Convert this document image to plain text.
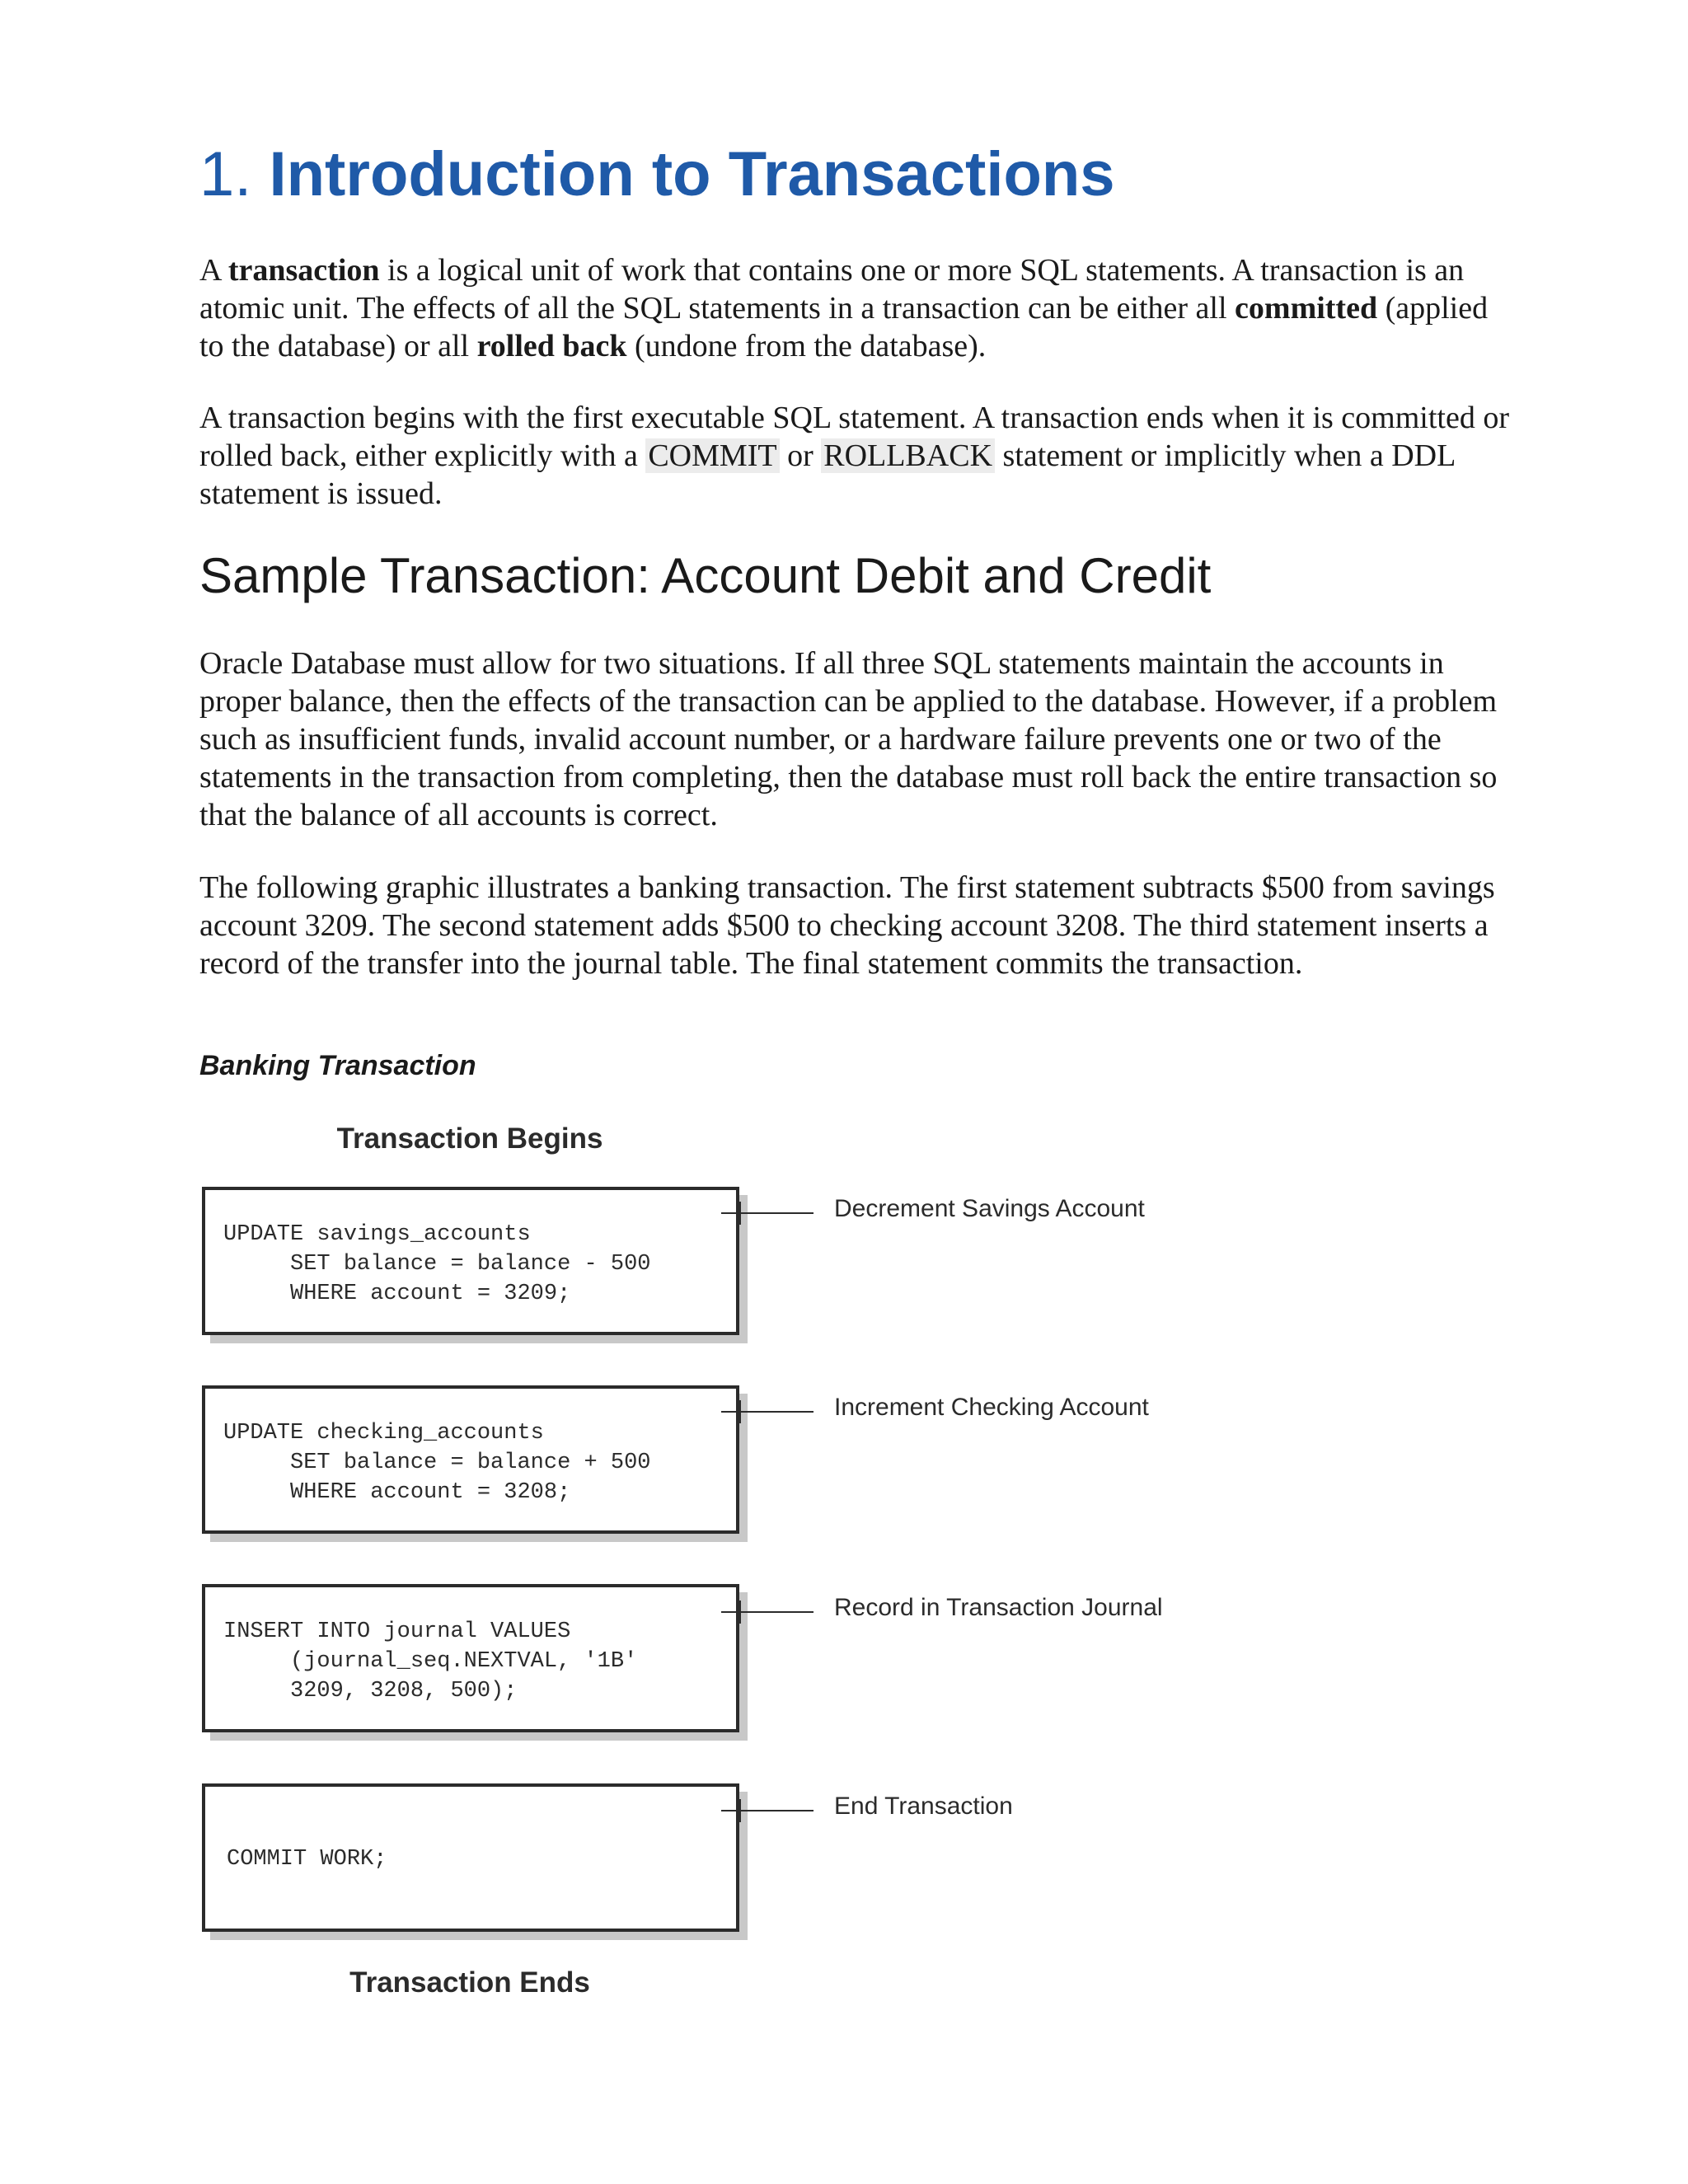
1. Introduction to Transactions

A transaction is a logical unit of work that contains one or more SQL statements. A transaction is an atomic unit. The effects of all the SQL statements in a transaction can be either all committed (applied to the database) or all rolled back (undone from the database).

A transaction begins with the first executable SQL statement. A transaction ends when it is committed or rolled back, either explicitly with a COMMIT or ROLLBACK statement or implicitly when a DDL statement is issued.

Sample Transaction: Account Debit and Credit

Oracle Database must allow for two situations. If all three SQL statements maintain the accounts in proper balance, then the effects of the transaction can be applied to the database. However, if a problem such as insufficient funds, invalid account number, or a hardware failure prevents one or two of the statements in the transaction from completing, then the database must roll back the entire transaction so that the balance of all accounts is correct.

The following graphic illustrates a banking transaction. The first statement subtracts $500 from savings account 3209. The second statement adds $500 to checking account 3208. The third statement inserts a record of the transfer into the journal table. The final statement commits the transaction.

Banking Transaction

Transaction Begins
UPDATE savings_accounts
SET balance = balance - 500
WHERE account = 3209;
Decrement Savings Account
UPDATE checking_accounts
SET balance = balance + 500
WHERE account = 3208;
Increment Checking Account
INSERT INTO journal VALUES
(journal_seq.NEXTVAL, '1B'
3209, 3208, 500);
Record in Transaction Journal
COMMIT WORK;
End Transaction
Transaction Ends
